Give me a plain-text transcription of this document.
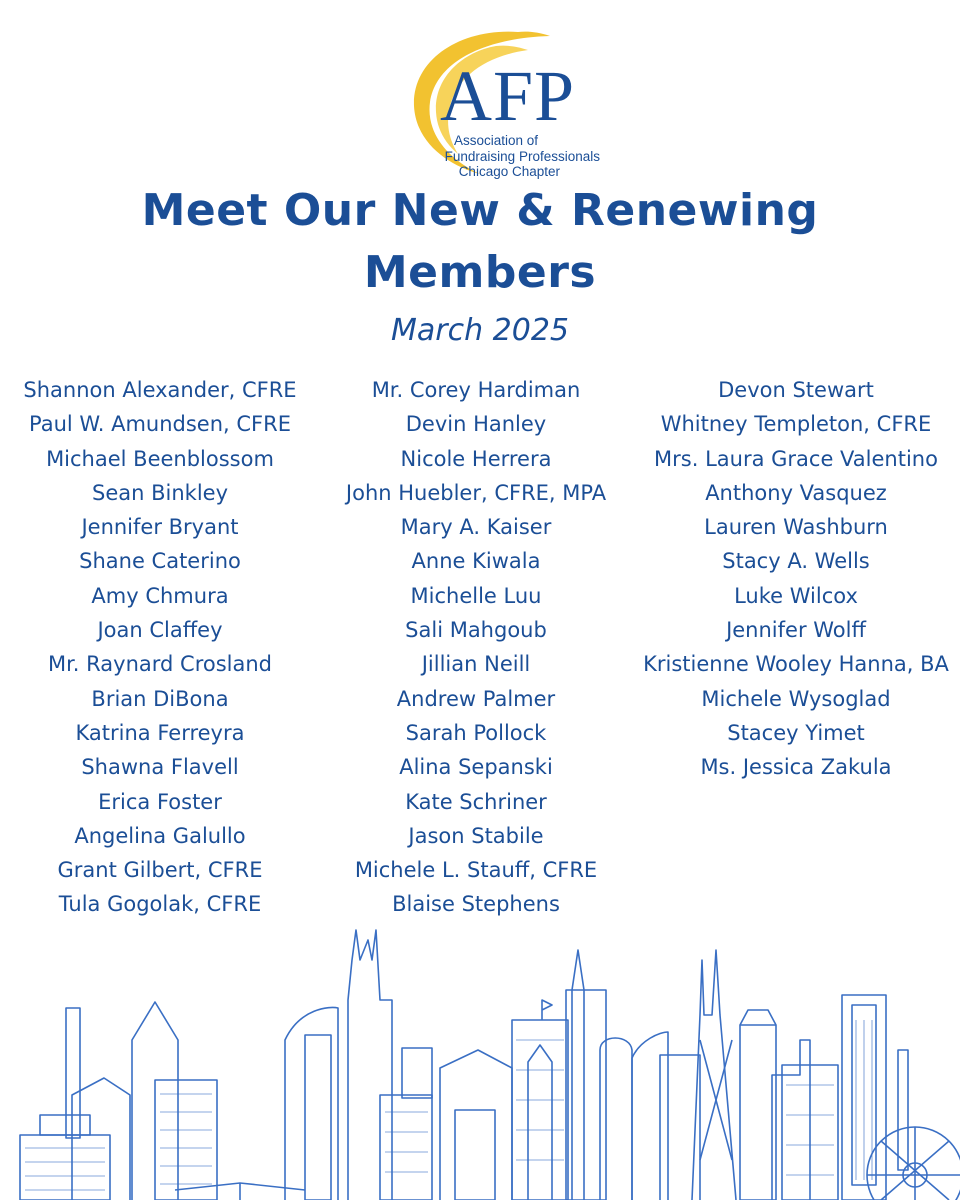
AFP
Association of
Fundraising Professionals
Chicago Chapter
Meet Our New & Renewing
Members
March 2025
Shannon Alexander, CFRE
Paul W. Amundsen, CFRE
Michael Beenblossom
Sean Binkley
Jennifer Bryant
Shane Caterino
Amy Chmura
Joan Claffey
Mr. Raynard Crosland
Brian DiBona
Katrina Ferreyra
Shawna Flavell
Erica Foster
Angelina Galullo
Grant Gilbert, CFRE
Tula Gogolak, CFRE
Mr. Corey Hardiman
Devin Hanley
Nicole Herrera
John Huebler, CFRE, MPA
Mary A. Kaiser
Anne Kiwala
Michelle Luu
Sali Mahgoub
Jillian Neill
Andrew Palmer
Sarah Pollock
Alina Sepanski
Kate Schriner
Jason Stabile
Michele L. Stauff, CFRE
Blaise Stephens
Devon Stewart
Whitney Templeton, CFRE
Mrs. Laura Grace Valentino
Anthony Vasquez
Lauren Washburn
Stacy A. Wells
Luke Wilcox
Jennifer Wolff
Kristienne Wooley Hanna, BA
Michele Wysoglad
Stacey Yimet
Ms. Jessica Zakula
